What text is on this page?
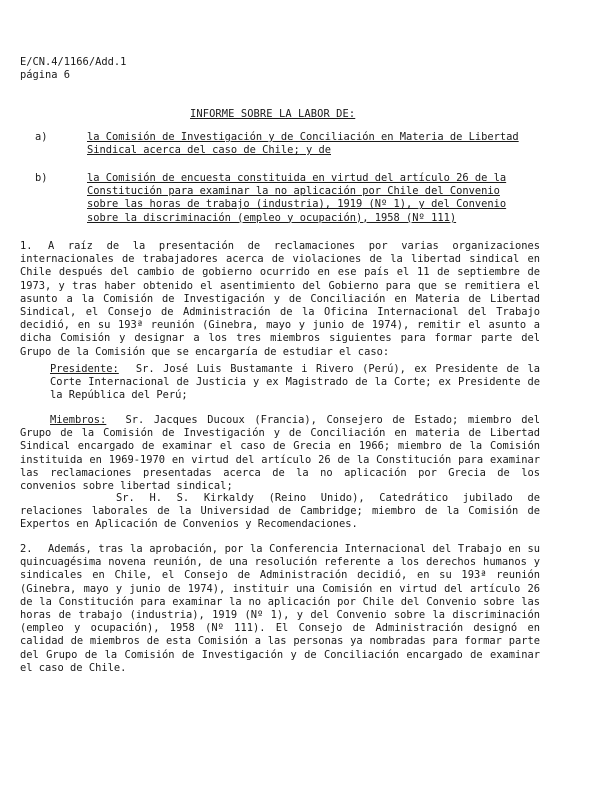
E/CN.4/1166/Add.1
página 6
INFORME SOBRE LA LABOR DE:
a)	la Comisión de Investigación y de Conciliación en Materia de Libertad Sindical acerca del caso de Chile; y de
b)	la Comisión de encuesta constituida en virtud del artículo 26 de la Constitución para examinar la no aplicación por Chile del Convenio sobre las horas de trabajo (industria), 1919 (Nº 1), y del Convenio sobre la discriminación (empleo y ocupación), 1958 (Nº 111)
1. A raíz de la presentación de reclamaciones por varias organizaciones internacionales de trabajadores acerca de violaciones de la libertad sindical en Chile después del cambio de gobierno ocurrido en ese país el 11 de septiembre de 1973, y tras haber obtenido el asentimiento del Gobierno para que se remitiera el asunto a la Comisión de Investigación y de Conciliación en Materia de Libertad Sindical, el Consejo de Administración de la Oficina Internacional del Trabajo decidió, en su 193ª reunión (Ginebra, mayo y junio de 1974), remitir el asunto a dicha Comisión y designar a los tres miembros siguientes para formar parte del Grupo de la Comisión que se encargaría de estudiar el caso:
Presidente: Sr. José Luis Bustamante i Rivero (Perú), ex Presidente de la Corte Internacional de Justicia y ex Magistrado de la Corte; ex Presidente de la República del Perú;
Miembros: Sr. Jacques Ducoux (Francia), Consejero de Estado; miembro del Grupo de la Comisión de Investigación y de Conciliación en materia de Libertad Sindical encargado de examinar el caso de Grecia en 1966; miembro de la Comisión instituida en 1969-1970 en virtud del artículo 26 de la Constitución para examinar las reclamaciones presentadas acerca de la no aplicación por Grecia de los convenios sobre libertad sindical;
Sr. H. S. Kirkaldy (Reino Unido), Catedrático jubilado de relaciones laborales de la Universidad de Cambridge; miembro de la Comisión de Expertos en Aplicación de Convenios y Recomendaciones.
2. Además, tras la aprobación, por la Conferencia Internacional del Trabajo en su quincuagésima novena reunión, de una resolución referente a los derechos humanos y sindicales en Chile, el Consejo de Administración decidió, en su 193ª reunión (Ginebra, mayo y junio de 1974), instituir una Comisión en virtud del artículo 26 de la Constitución para examinar la no aplicación por Chile del Convenio sobre las horas de trabajo (industria), 1919 (Nº 1), y del Convenio sobre la discriminación (empleo y ocupación), 1958 (Nº 111). El Consejo de Administración designó en calidad de miembros de esta Comisión a las personas ya nombradas para formar parte del Grupo de la Comisión de Investigación y de Conciliación encargado de examinar el caso de Chile.
